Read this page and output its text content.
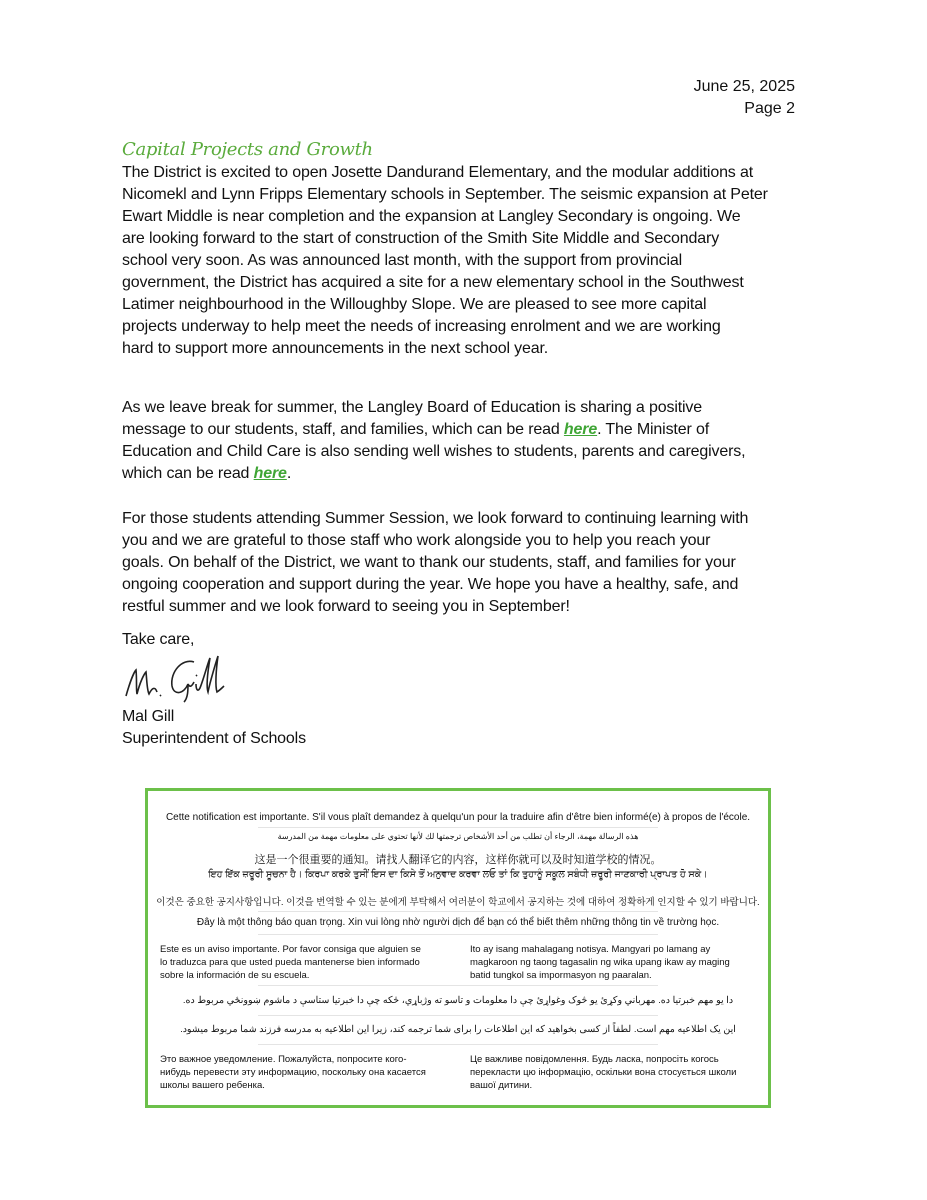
June 25, 2025
Page 2
Capital Projects and Growth
The District is excited to open Josette Dandurand Elementary, and the modular additions at
Nicomekl and Lynn Fripps Elementary schools in September. The seismic expansion at Peter
Ewart Middle is near completion and the expansion at Langley Secondary is ongoing. We
are looking forward to the start of construction of the Smith Site Middle and Secondary
school very soon. As was announced last month, with the support from provincial
government, the District has acquired a site for a new elementary school in the Southwest
Latimer neighbourhood in the Willoughby Slope. We are pleased to see more capital
projects underway to help meet the needs of increasing enrolment and we are working
hard to support more announcements in the next school year.
As we leave break for summer, the Langley Board of Education is sharing a positive
message to our students, staff, and families, which can be read here. The Minister of
Education and Child Care is also sending well wishes to students, parents and caregivers,
which can be read here.
For those students attending Summer Session, we look forward to continuing learning with
you and we are grateful to those staff who work alongside you to help you reach your
goals. On behalf of the District, we want to thank our students, staff, and families for your
ongoing cooperation and support during the year. We hope you have a healthy, safe, and
restful summer and we look forward to seeing you in September!
Take care,
Mal Gill
Superintendent of Schools
Cette notification est importante. S'il vous plaît demandez à quelqu'un pour la traduire afin d'être bien informé(e) à propos de l'école.
هذه الرسالة مهمة، الرجاء أن تطلب من أحد الأشخاص ترجمتها لك لأنها تحتوي على معلومات مهمة من المدرسة
这是一个很重要的通知。请找人翻译它的内容，这样你就可以及时知道学校的情况。
ਇਹ ਇੱਕ ਜ਼ਰੂਰੀ ਸੂਚਨਾ ਹੈ। ਕਿਰਪਾ ਕਰਕੇ ਤੁਸੀਂ ਇਸ ਦਾ ਕਿਸੇ ਤੋਂ ਅਨੁਵਾਦ ਕਰਵਾ ਲਓ ਤਾਂ ਕਿ ਤੁਹਾਨੂੰ ਸਕੂਲ ਸਬੰਧੀ ਜ਼ਰੂਰੀ ਜਾਣਕਾਰੀ ਪ੍ਰਾਪਤ ਹੋ ਸਕੇ।
이것은 중요한 공지사항입니다. 이것을 번역할 수 있는 분에게 부탁해서 여러분이 학교에서 공지하는 것에 대하여 정확하게 인지할 수 있기 바랍니다.
Đây là một thông báo quan trọng. Xin vui lòng nhờ người dịch để bạn có thể biết thêm những thông tin về trường học.
Este es un aviso importante. Por favor consiga que alguien se
lo traduzca para que usted pueda mantenerse bien informado
sobre la información de su escuela.
Ito ay isang mahalagang notisya. Mangyari po lamang ay
magkaroon ng taong tagasalin ng wika upang ikaw ay maging
batid tungkol sa impormasyon ng paaralan.
دا يو مهم خبرتيا ده. مهرباني وکړئ يو څوک وغواړئ چې دا معلومات و تاسو ته وژباړي، څکه چې دا خبرتيا ستاسې د ماشوم ښوونځي مربوط ده.
این یک اطلاعیه مهم است. لطفاً از کسی بخواهید که این اطلاعات را برای شما ترجمه کند، زیرا این اطلاعیه به مدرسه فرزند شما مربوط میشود.
Это важное уведомление. Пожалуйста, попросите кого-
нибудь перевести эту информацию, поскольку она касается
школы вашего ребенка.
Це важливе повідомлення. Будь ласка, попросіть когось
перекласти цю інформацію, оскільки вона стосується школи
вашої дитини.
